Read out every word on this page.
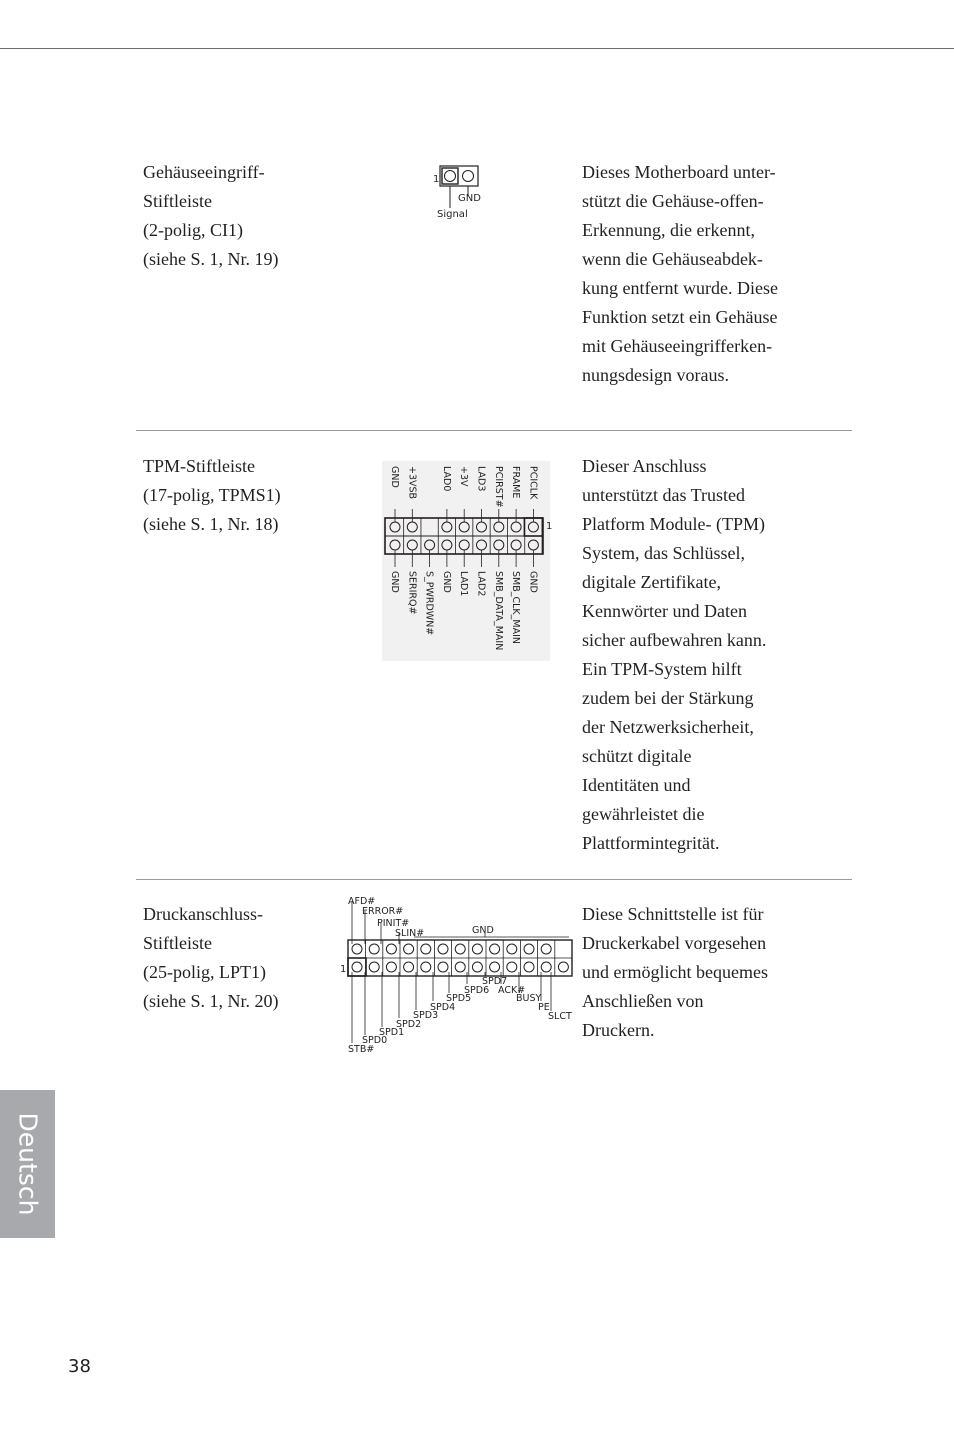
Gehäuseeingriff-
Stiftleiste
(2-polig, CI1)
(siehe S. 1, Nr. 19)
1
GND
Signal
Dieses Motherboard unter-
stützt die Gehäuse-offen-
Erkennung, die erkennt,
wenn die Gehäuseabdek-
kung entfernt wurde. Diese
Funktion setzt ein Gehäuse
mit Gehäuseeingrifferken-
nungsdesign voraus.
TPM-Stiftleiste
(17-polig, TPMS1)
(siehe S. 1, Nr. 18)	1
GND +3VSB LAD0 +3V LAD3 PCIRST# FRAME PCICLK
GND SERIRQ# S_PWRDWN# GND LAD1 LAD2 SMB_DATA_MAIN SMB_CLK_MAIN GND
Dieser Anschluss
unterstützt das Trusted
Platform Module- (TPM)
System, das Schlüssel,
digitale Zertifikate,
Kennwörter und Daten
sicher aufbewahren kann.
Ein TPM-System hilft
zudem bei der Stärkung
der Netzwerksicherheit,
schützt digitale
Identitäten und
gewährleistet die
Plattformintegrität.
Druckanschluss-
Stiftleiste
(25-polig, LPT1)
(siehe S. 1, Nr. 20)
1
AFD#
ERROR#
PINIT#
SLIN#	GND
STB#
SPD0
SPD1
SPD2
SPD3
SPD4
SPD5
SPD6
SPD7
ACK#
BUSY
PE
SLCT
Diese Schnittstelle ist für
Druckerkabel vorgesehen
und ermöglicht bequemes
Anschließen von
Druckern.
Deutsch
38
